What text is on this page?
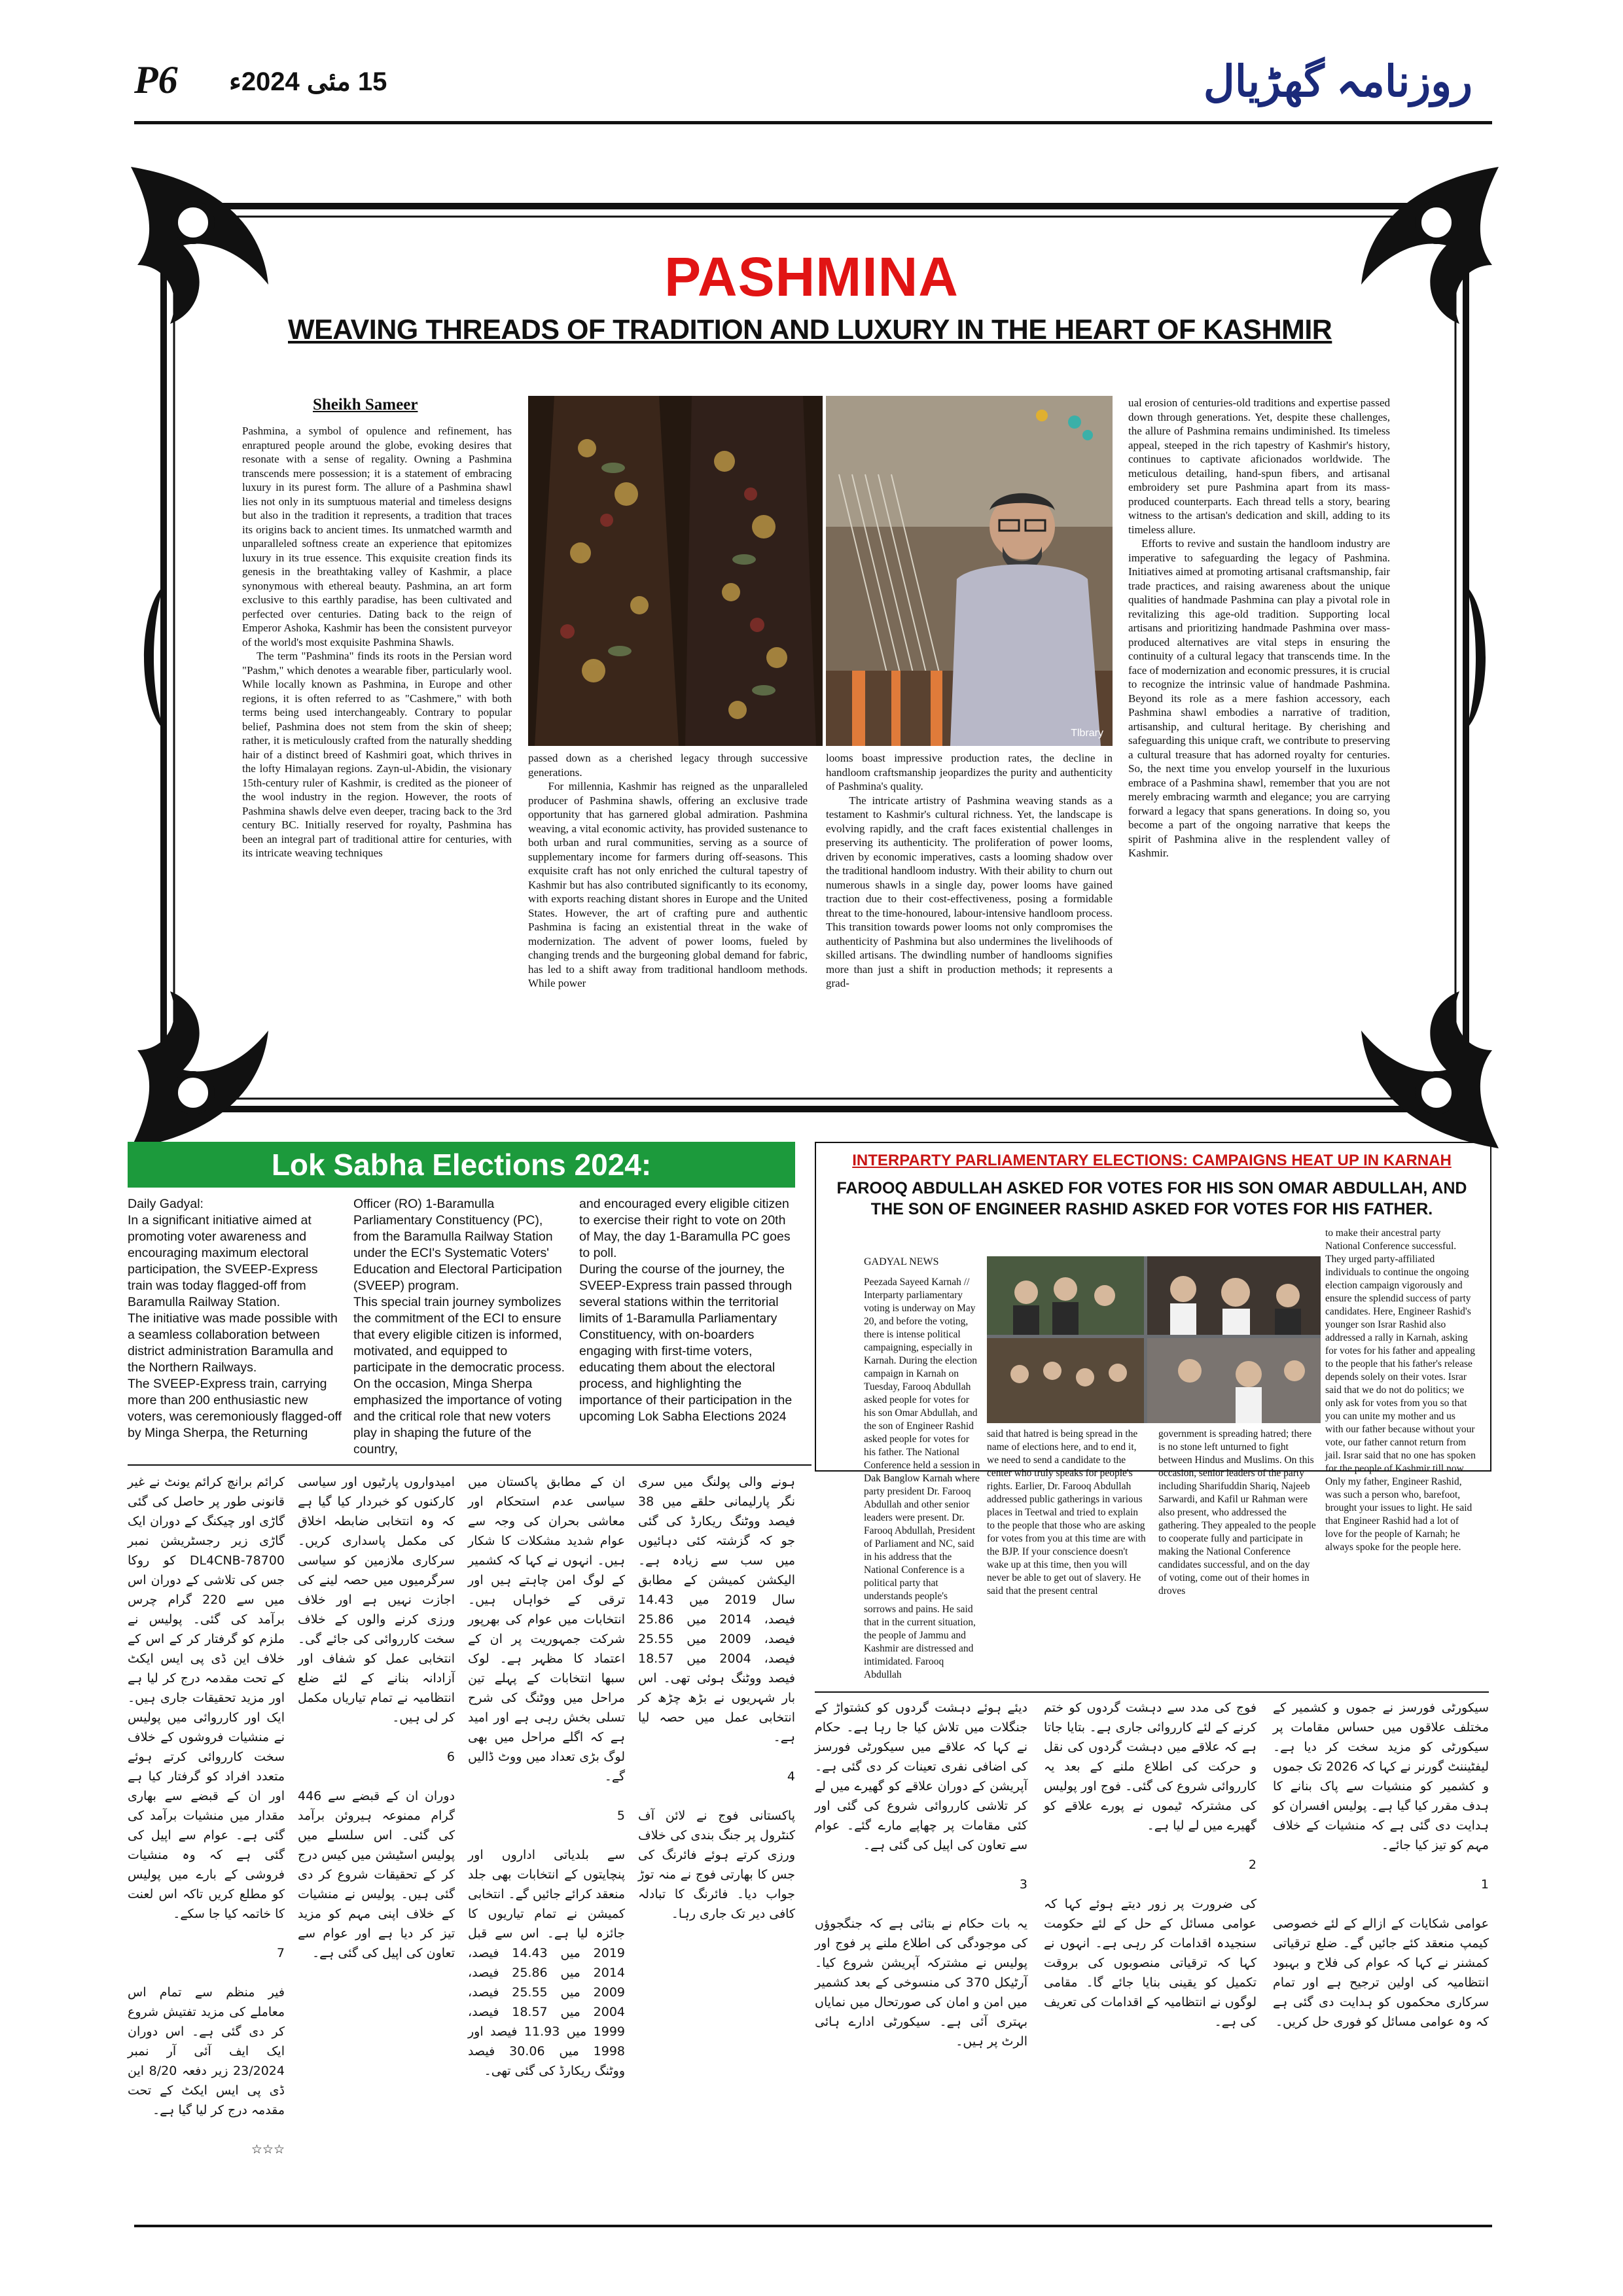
P6 15 مئی 2024ء	روزنامہ گھڑیال
PASHMINA
WEAVING THREADS OF TRADITION AND LUXURY IN THE HEART OF KASHMIR
Sheikh Sameer
Tlbrary
Pashmina, a symbol of opulence and refinement, has enraptured people around the globe, evoking desires that resonate with a sense of regality. Owning a Pashmina transcends mere possession; it is a statement of embracing luxury in its purest form. The allure of a Pashmina shawl lies not only in its sumptuous material and timeless designs but also in the tradition it represents, a tradition that traces its origins back to ancient times. Its unmatched warmth and unparalleled softness create an experience that epitomizes luxury in its true essence. This exquisite creation finds its genesis in the breathtaking valley of Kashmir, a place synonymous with ethereal beauty. Pashmina, an art form exclusive to this earthly paradise, has been cultivated and perfected over centuries. Dating back to the reign of Emperor Ashoka, Kashmir has been the consistent purveyor of the world's most exquisite Pashmina Shawls.
The term "Pashmina" finds its roots in the Persian word "Pashm," which denotes a wearable fiber, particularly wool. While locally known as Pashmina, in Europe and other regions, it is often referred to as "Cashmere," with both terms being used interchangeably. Contrary to popular belief, Pashmina does not stem from the skin of sheep; rather, it is meticulously crafted from the naturally shedding hair of a distinct breed of Kashmiri goat, which thrives in the lofty Himalayan regions. Zayn-ul-Abidin, the visionary 15th-century ruler of Kashmir, is credited as the pioneer of the wool industry in the region. However, the roots of Pashmina shawls delve even deeper, tracing back to the 3rd century BC. Initially reserved for royalty, Pashmina has been an integral part of traditional attire for centuries, with its intricate weaving techniques
passed down as a cherished legacy through successive generations.
For millennia, Kashmir has reigned as the unparalleled producer of Pashmina shawls, offering an exclusive trade opportunity that has garnered global admiration. Pashmina weaving, a vital economic activity, has provided sustenance to both urban and rural communities, serving as a source of supplementary income for farmers during off-seasons. This exquisite craft has not only enriched the cultural tapestry of Kashmir but has also contributed significantly to its economy, with exports reaching distant shores in Europe and the United States. However, the art of crafting pure and authentic Pashmina is facing an existential threat in the wake of modernization. The advent of power looms, fueled by changing trends and the burgeoning global demand for fabric, has led to a shift away from traditional handloom methods. While power
looms boast impressive production rates, the decline in handloom craftsmanship jeopardizes the purity and authenticity of Pashmina's quality.
The intricate artistry of Pashmina weaving stands as a testament to Kashmir's cultural richness. Yet, the landscape is evolving rapidly, and the craft faces existential challenges in preserving its authenticity. The proliferation of power looms, driven by economic imperatives, casts a looming shadow over the traditional handloom industry. With their ability to churn out numerous shawls in a single day, power looms have gained traction due to their cost-effectiveness, posing a formidable threat to the time-honoured, labour-intensive handloom process. This transition towards power looms not only compromises the authenticity of Pashmina but also undermines the livelihoods of skilled artisans. The dwindling number of handlooms signifies more than just a shift in production methods; it represents a grad-
ual erosion of centuries-old traditions and expertise passed down through generations. Yet, despite these challenges, the allure of Pashmina remains undiminished. Its timeless appeal, steeped in the rich tapestry of Kashmir's history, continues to captivate aficionados worldwide. The meticulous detailing, hand-spun fibers, and artisanal embroidery set pure Pashmina apart from its mass-produced counterparts. Each thread tells a story, bearing witness to the artisan's dedication and skill, adding to its timeless allure.
Efforts to revive and sustain the handloom industry are imperative to safeguarding the legacy of Pashmina. Initiatives aimed at promoting artisanal craftsmanship, fair trade practices, and raising awareness about the unique qualities of handmade Pashmina can play a pivotal role in revitalizing this age-old tradition. Supporting local artisans and prioritizing handmade Pashmina over mass-produced alternatives are vital steps in ensuring the continuity of a cultural legacy that transcends time. In the face of modernization and economic pressures, it is crucial to recognize the intrinsic value of handmade Pashmina. Beyond its role as a mere fashion accessory, each Pashmina shawl embodies a narrative of tradition, artisanship, and cultural heritage. By cherishing and safeguarding this unique craft, we contribute to preserving a cultural treasure that has adorned royalty for centuries. So, the next time you envelop yourself in the luxurious embrace of a Pashmina shawl, remember that you are not merely embracing warmth and elegance; you are carrying forward a legacy that spans generations. In doing so, you become a part of the ongoing narrative that keeps the spirit of Pashmina alive in the resplendent valley of Kashmir.
Lok Sabha Elections 2024:
Daily Gadyal:
In a significant initiative aimed at promoting voter awareness and encouraging maximum electoral participation, the SVEEP-Express train was today flagged-off from Baramulla Railway Station.
The initiative was made possible with a seamless collaboration between district administration Baramulla and the Northern Railways.
The SVEEP-Express train, carrying more than 200 enthusiastic new voters, was ceremoniously flagged-off by Minga Sherpa, the Returning
Officer (RO) 1-Baramulla Parliamentary Constituency (PC), from the Baramulla Railway Station under the ECI's Systematic Voters' Education and Electoral Participation (SVEEP) program.
This special train journey symbolizes the commitment of the ECI to ensure that every eligible citizen is informed, motivated, and equipped to participate in the democratic process.
On the occasion, Minga Sherpa emphasized the importance of voting and the critical role that new voters play in shaping the future of the country,
and encouraged every eligible citizen to exercise their right to vote on 20th of May, the day 1-Baramulla PC goes to poll.
During the course of the journey, the SVEEP-Express train passed through several stations within the territorial limits of 1-Baramulla Parliamentary Constituency, with on-boarders engaging with first-time voters, educating them about the electoral process, and highlighting the importance of their participation in the upcoming Lok Sabha Elections 2024
INTERPARTY PARLIAMENTARY ELECTIONS: CAMPAIGNS HEAT UP IN KARNAH
FAROOQ ABDULLAH ASKED FOR VOTES FOR HIS SON OMAR ABDULLAH, AND THE SON OF ENGINEER RASHID ASKED FOR VOTES FOR HIS FATHER.
GADYAL NEWS
Peezada Sayeed Karnah // Interparty parliamentary voting is underway on May 20, and before the voting, there is intense political campaigning, especially in Karnah. During the election campaign in Karnah on Tuesday, Farooq Abdullah asked people for votes for his son Omar Abdullah, and the son of Engineer Rashid asked people for votes for his father. The National Conference held a session in Dak Banglow Karnah where party president Dr. Farooq Abdullah and other senior leaders were present. Dr. Farooq Abdullah, President of Parliament and NC, said in his address that the National Conference is a political party that understands people's sorrows and pains. He said that in the current situation, the people of Jammu and Kashmir are distressed and intimidated. Farooq Abdullah
said that hatred is being spread in the name of elections here, and to end it, we need to send a candidate to the center who truly speaks for people's rights. Earlier, Dr. Farooq Abdullah addressed public gatherings in various places in Teetwal and tried to explain to the people that those who are asking for votes from you at this time are with the BJP. If your conscience doesn't wake up at this time, then you will never be able to get out of slavery. He said that the present central
government is spreading hatred; there is no stone left unturned to fight between Hindus and Muslims. On this occasion, senior leaders of the party including Sharifuddin Shariq, Najeeb Sarwardi, and Kafil ur Rahman were also present, who addressed the gathering. They appealed to the people to cooperate fully and participate in making the National Conference candidates successful, and on the day of voting, come out of their homes in droves
to make their ancestral party National Conference successful. They urged party-affiliated individuals to continue the ongoing election campaign vigorously and ensure the splendid success of party candidates. Here, Engineer Rashid's younger son Israr Rashid also addressed a rally in Karnah, asking for votes for his father and appealing to the people that his father's release depends solely on their votes. Israr said that we do not do politics; we only ask for votes from you so that you can unite my mother and us with our father because without your vote, our father cannot return from jail. Israr said that no one has spoken for the people of Kashmir till now. Only my father, Engineer Rashid, was such a person who, barefoot, brought your issues to light. He said that Engineer Rashid had a lot of love for the people of Karnah; he always spoke for the people here.
کرائم برانچ کرائم یونٹ نے غیر قانونی طور پر حاصل کی گئی گاڑی اور چیکنگ کے دوران ایک گاڑی زیر رجسٹریشن نمبر DL4CNB-78700 کو روکا جس کی تلاشی کے دوران اس میں سے 220 گرام چرس برآمد کی گئی۔ پولیس نے ملزم کو گرفتار کر کے اس کے خلاف این ڈی پی ایس ایکٹ کے تحت مقدمہ درج کر لیا ہے اور مزید تحقیقات جاری ہیں۔ ایک اور کارروائی میں پولیس نے منشیات فروشوں کے خلاف سخت کارروائی کرتے ہوئے متعدد افراد کو گرفتار کیا ہے اور ان کے قبضے سے بھاری مقدار میں منشیات برآمد کی گئی ہے۔ عوام سے اپیل کی گئی ہے کہ وہ منشیات فروشی کے بارے میں پولیس کو مطلع کریں تاکہ اس لعنت کا خاتمہ کیا جا سکے۔

7

فیر منظم سے تمام اس معاملے کی مزید تفتیش شروع کر دی گئی ہے۔ اس دوران ایک ایف آئی آر نمبر 23/2024 زیر دفعہ 8/20 این ڈی پی ایس ایکٹ کے تحت مقدمہ درج کر لیا گیا ہے۔

☆☆☆
امیدواروں پارٹیوں اور سیاسی کارکنوں کو خبردار کیا گیا ہے کہ وہ انتخابی ضابطہ اخلاق کی مکمل پاسداری کریں۔ سرکاری ملازمین کو سیاسی سرگرمیوں میں حصہ لینے کی اجازت نہیں ہے اور خلاف ورزی کرنے والوں کے خلاف سخت کارروائی کی جائے گی۔ انتخابی عمل کو شفاف اور آزادانہ بنانے کے لئے ضلع انتظامیہ نے تمام تیاریاں مکمل کر لی ہیں۔

6

دوران ان کے قبضے سے 446 گرام ممنوعہ ہیروئن برآمد کی گئی۔ اس سلسلے میں پولیس اسٹیشن میں کیس درج کر کے تحقیقات شروع کر دی گئی ہیں۔ پولیس نے منشیات کے خلاف اپنی مہم کو مزید تیز کر دیا ہے اور عوام سے تعاون کی اپیل کی گئی ہے۔
ان کے مطابق پاکستان میں سیاسی عدم استحکام اور معاشی بحران کی وجہ سے عوام شدید مشکلات کا شکار ہیں۔ انہوں نے کہا کہ کشمیر کے لوگ امن چاہتے ہیں اور ترقی کے خواہاں ہیں۔ انتخابات میں عوام کی بھرپور شرکت جمہوریت پر ان کے اعتماد کا مظہر ہے۔ لوک سبھا انتخابات کے پہلے تین مراحل میں ووٹنگ کی شرح تسلی بخش رہی ہے اور امید ہے کہ اگلے مراحل میں بھی لوگ بڑی تعداد میں ووٹ ڈالیں گے۔

5

سے بلدیاتی اداروں اور پنچایتوں کے انتخابات بھی جلد منعقد کرائے جائیں گے۔ انتخابی کمیشن نے تمام تیاریوں کا جائزہ لیا ہے۔ اس سے قبل 2019 میں 14.43 فیصد، 2014 میں 25.86 فیصد، 2009 میں 25.55 فیصد، 2004 میں 18.57 فیصد، 1999 میں 11.93 فیصد اور 1998 میں 30.06 فیصد ووٹنگ ریکارڈ کی گئی تھی۔
ہونے والی پولنگ میں سری نگر پارلیمانی حلقے میں 38 فیصد ووٹنگ ریکارڈ کی گئی جو کہ گزشتہ کئی دہائیوں میں سب سے زیادہ ہے۔ الیکشن کمیشن کے مطابق سال 2019 میں 14.43 فیصد، 2014 میں 25.86 فیصد، 2009 میں 25.55 فیصد، 2004 میں 18.57 فیصد ووٹنگ ہوئی تھی۔ اس بار شہریوں نے بڑھ چڑھ کر انتخابی عمل میں حصہ لیا ہے۔

4

پاکستانی فوج نے لائن آف کنٹرول پر جنگ بندی کی خلاف ورزی کرتے ہوئے فائرنگ کی جس کا بھارتی فوج نے منہ توڑ جواب دیا۔ فائرنگ کا تبادلہ کافی دیر تک جاری رہا۔
دیئے ہوئے دہشت گردوں کو کشتواڑ کے جنگلات میں تلاش کیا جا رہا ہے۔ حکام نے کہا کہ علاقے میں سیکورٹی فورسز کی اضافی نفری تعینات کر دی گئی ہے۔ آپریشن کے دوران علاقے کو گھیرے میں لے کر تلاشی کارروائی شروع کی گئی اور کئی مقامات پر چھاپے مارے گئے۔ عوام سے تعاون کی اپیل کی گئی ہے۔

3

یہ بات حکام نے بتائی ہے کہ جنگجوؤں کی موجودگی کی اطلاع ملنے پر فوج اور پولیس نے مشترکہ آپریشن شروع کیا۔ آرٹیکل 370 کی منسوخی کے بعد کشمیر میں امن و امان کی صورتحال میں نمایاں بہتری آئی ہے۔ سیکورٹی ادارے ہائی الرٹ پر ہیں۔
فوج کی مدد سے دہشت گردوں کو ختم کرنے کے لئے کارروائی جاری ہے۔ بتایا جاتا ہے کہ علاقے میں دہشت گردوں کی نقل و حرکت کی اطلاع ملنے کے بعد یہ کارروائی شروع کی گئی۔ فوج اور پولیس کی مشترکہ ٹیموں نے پورے علاقے کو گھیرے میں لے لیا ہے۔

2

کی ضرورت پر زور دیتے ہوئے کہا کہ عوامی مسائل کے حل کے لئے حکومت سنجیدہ اقدامات کر رہی ہے۔ انہوں نے کہا کہ ترقیاتی منصوبوں کی بروقت تکمیل کو یقینی بنایا جائے گا۔ مقامی لوگوں نے انتظامیہ کے اقدامات کی تعریف کی ہے۔
سیکورٹی فورسز نے جموں و کشمیر کے مختلف علاقوں میں حساس مقامات پر سیکورٹی کو مزید سخت کر دیا ہے۔ لیفٹیننٹ گورنر نے کہا کہ 2026 تک جموں و کشمیر کو منشیات سے پاک بنانے کا ہدف مقرر کیا گیا ہے۔ پولیس افسران کو ہدایت دی گئی ہے کہ منشیات کے خلاف مہم کو تیز کیا جائے۔

1

عوامی شکایات کے ازالے کے لئے خصوصی کیمپ منعقد کئے جائیں گے۔ ضلع ترقیاتی کمشنر نے کہا کہ عوام کی فلاح و بہبود انتظامیہ کی اولین ترجیح ہے اور تمام سرکاری محکموں کو ہدایت دی گئی ہے کہ وہ عوامی مسائل کو فوری حل کریں۔
